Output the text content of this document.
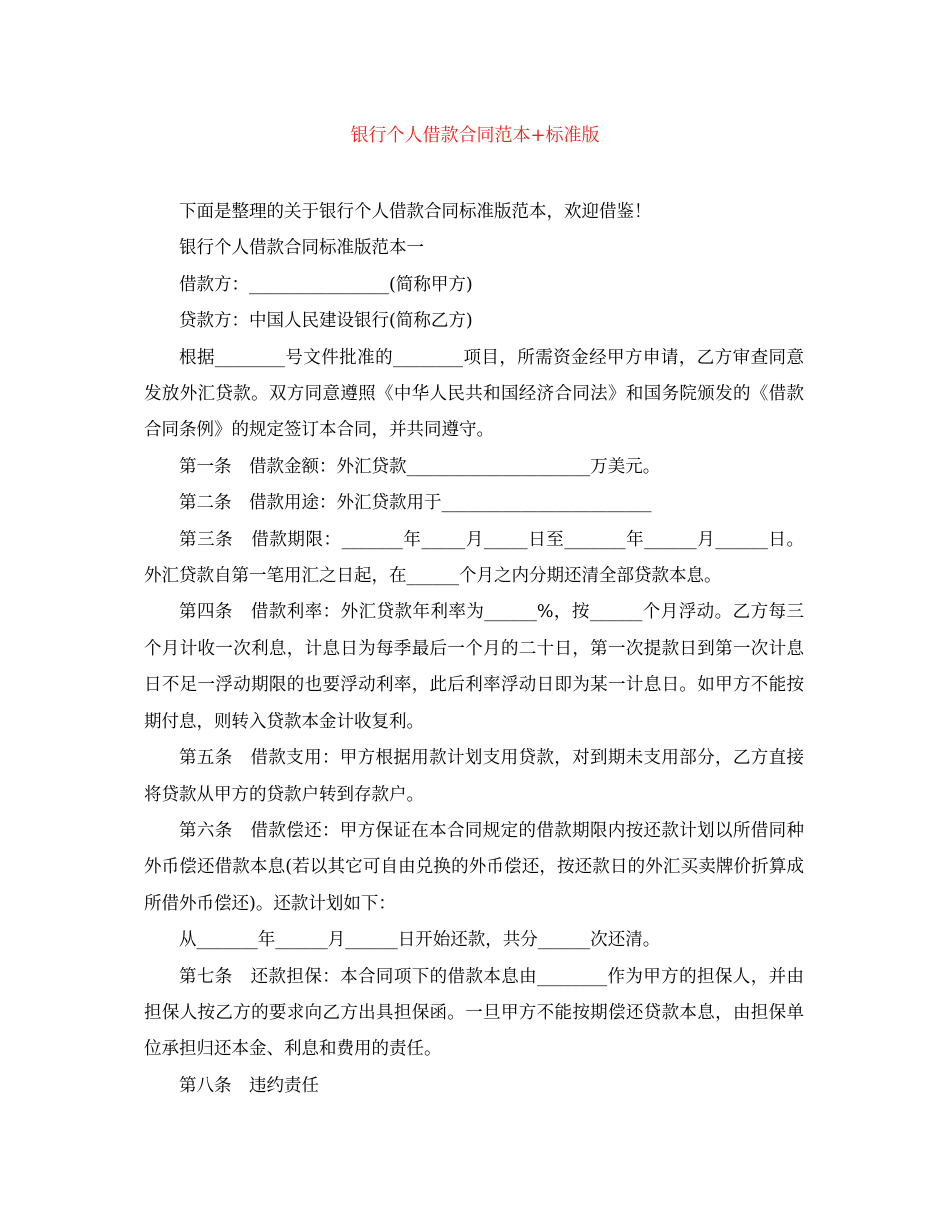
银行个人借款合同范本+标准版

下面是整理的关于银行个人借款合同标准版范本，欢迎借鉴！

银行个人借款合同标准版范本一

借款方：________________(简称甲方)

贷款方：中国人民建设银行(简称乙方)

根据________号文件批准的________项目，所需资金经甲方申请，乙方审查同意发放外汇贷款。双方同意遵照《中华人民共和国经济合同法》和国务院颁发的《借款合同条例》的规定签订本合同，并共同遵守。

第一条　借款金额：外汇贷款_____________________万美元。

第二条　借款用途：外汇贷款用于________________________

第三条　借款期限：_______年_____月_____日至_______年______月______日。外汇贷款自第一笔用汇之日起，在______个月之内分期还清全部贷款本息。

第四条　借款利率：外汇贷款年利率为______%，按______个月浮动。乙方每三个月计收一次利息，计息日为每季最后一个月的二十日，第一次提款日到第一次计息日不足一浮动期限的也要浮动利率，此后利率浮动日即为某一计息日。如甲方不能按期付息，则转入贷款本金计收复利。

第五条　借款支用：甲方根据用款计划支用贷款，对到期未支用部分，乙方直接将贷款从甲方的贷款户转到存款户。

第六条　借款偿还：甲方保证在本合同规定的借款期限内按还款计划以所借同种外币偿还借款本息(若以其它可自由兑换的外币偿还，按还款日的外汇买卖牌价折算成所借外币偿还)。还款计划如下：

从_______年______月______日开始还款，共分______次还清。

第七条　还款担保：本合同项下的借款本息由________作为甲方的担保人，并由担保人按乙方的要求向乙方出具担保函。一旦甲方不能按期偿还贷款本息，由担保单位承担归还本金、利息和费用的责任。

第八条　违约责任
